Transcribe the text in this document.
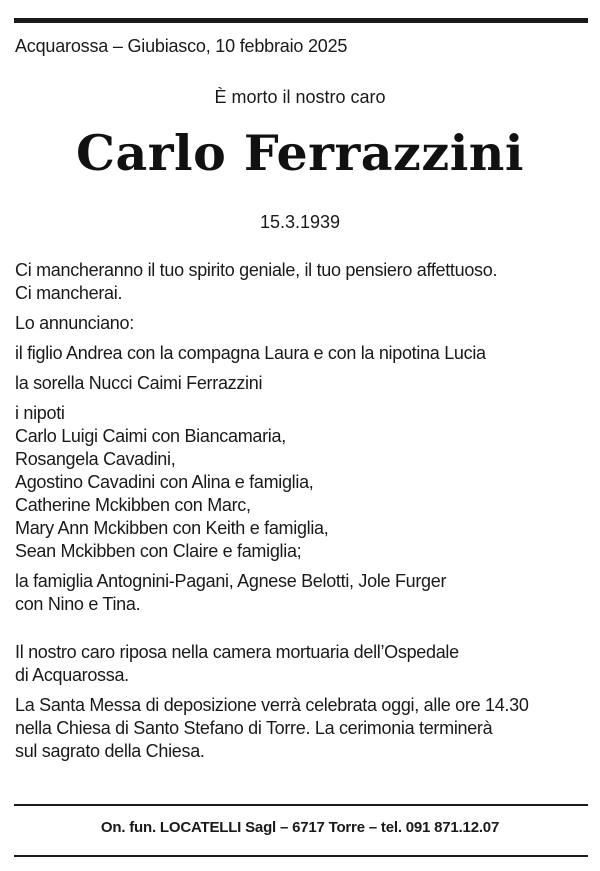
Acquarossa – Giubiasco, 10 febbraio 2025
È morto il nostro caro
Carlo Ferrazzini
15.3.1939
Ci mancheranno il tuo spirito geniale, il tuo pensiero affettuoso.
Ci mancherai.
Lo annunciano:
il figlio Andrea con la compagna Laura e con la nipotina Lucia
la sorella Nucci Caimi Ferrazzini
i nipoti
Carlo Luigi Caimi con Biancamaria,
Rosangela Cavadini,
Agostino Cavadini con Alina e famiglia,
Catherine Mckibben con Marc,
Mary Ann Mckibben con Keith e famiglia,
Sean Mckibben con Claire e famiglia;
la famiglia Antognini-Pagani, Agnese Belotti, Jole Furger
con Nino e Tina.
Il nostro caro riposa nella camera mortuaria dell’Ospedale
di Acquarossa.
La Santa Messa di deposizione verrà celebrata oggi, alle ore 14.30
nella Chiesa di Santo Stefano di Torre. La cerimonia terminerà
sul sagrato della Chiesa.
On. fun. LOCATELLI Sagl – 6717 Torre – tel. 091 871.12.07
